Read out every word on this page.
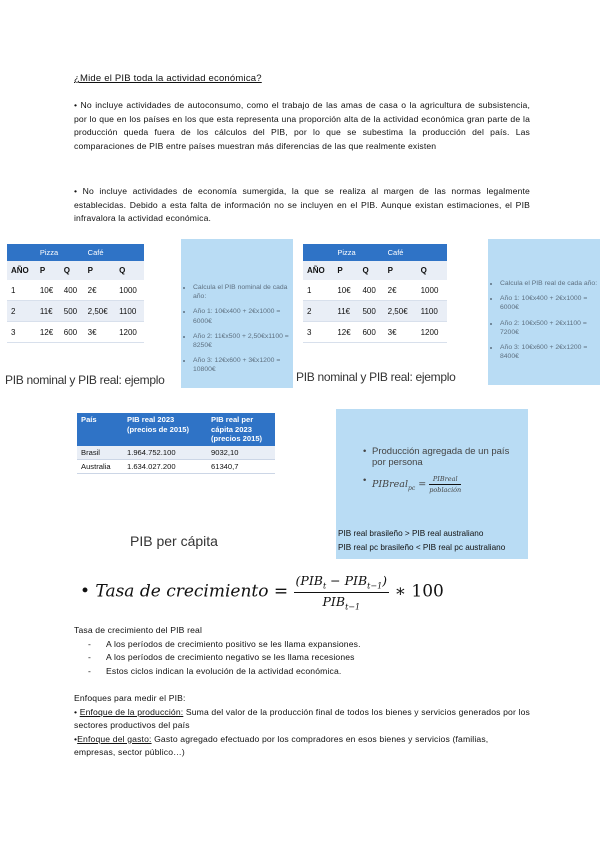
¿Mide el PIB toda la actividad económica?
• No incluye actividades de autoconsumo, como el trabajo de las amas de casa o la agricultura de subsistencia, por lo que en los países en los que esta representa una proporción alta de la actividad económica gran parte de la producción queda fuera de los cálculos del PIB, por lo que se subestima la producción del país. Las comparaciones de PIB entre países muestran más diferencias de las que realmente existen
• No incluye actividades de economía sumergida, la que se realiza al margen de las normas legalmente establecidas. Debido a esta falta de información no se incluyen en el PIB. Aunque existan estimaciones, el PIB infravalora la actividad económica.
	Pizza		Café	
AÑO	P	Q	P	Q
1	10€	400	2€	1000
2	11€	500	2,50€	1100
3	12€	600	3€	1200
• Calcula el PIB nominal de cada año:
• Año 1: 10€x400 + 2€x1000 = 6000€
• Año 2: 11€x500 + 2,50€x1100 = 8250€
• Año 3: 12€x600 + 3€x1200 = 10800€
PIB nominal y PIB real: ejemplo
	Pizza		Café	
AÑO	P	Q	P	Q
1	10€	400	2€	1000
2	11€	500	2,50€	1100
3	12€	600	3€	1200
• Calcula el PIB real de cada año:
• Año 1: 10€x400 + 2€x1000 = 6000€
• Año 2: 10€x500 + 2€x1100 = 7200€
• Año 3: 10€x600 + 2€x1200 = 8400€
PIB nominal y PIB real: ejemplo
País	PIB real 2023 (precios de 2015)	PIB real per cápita 2023 (precios 2015)
Brasil	1.964.752.100	9032,10
Australia	1.634.027.200	61340,7
PIB per cápita
• Producción agregada de un país por persona
• PIBreal$_{pc}$ = $\frac{\text{PIBreal}}{\text{población}}$
PIB real brasileño > PIB real australiano
PIB real pc brasileño < PIB real pc australiano
• Tasa de crecimiento = $\frac{(PIB_t - PIB_{t-1})}{PIB_{t-1}}$ ∗ 100
Tasa de crecimiento del PIB real
- A los períodos de crecimiento positivo se les llama expansiones.
- A los períodos de crecimiento negativo se les llama recesiones
- Estos ciclos indican la evolución de la actividad económica.
Enfoques para medir el PIB:
• Enfoque de la producción: Suma del valor de la producción final de todos los bienes y servicios generados por los sectores productivos del país
•Enfoque del gasto: Gasto agregado efectuado por los compradores en esos bienes y servicios (familias, empresas, sector público…)
